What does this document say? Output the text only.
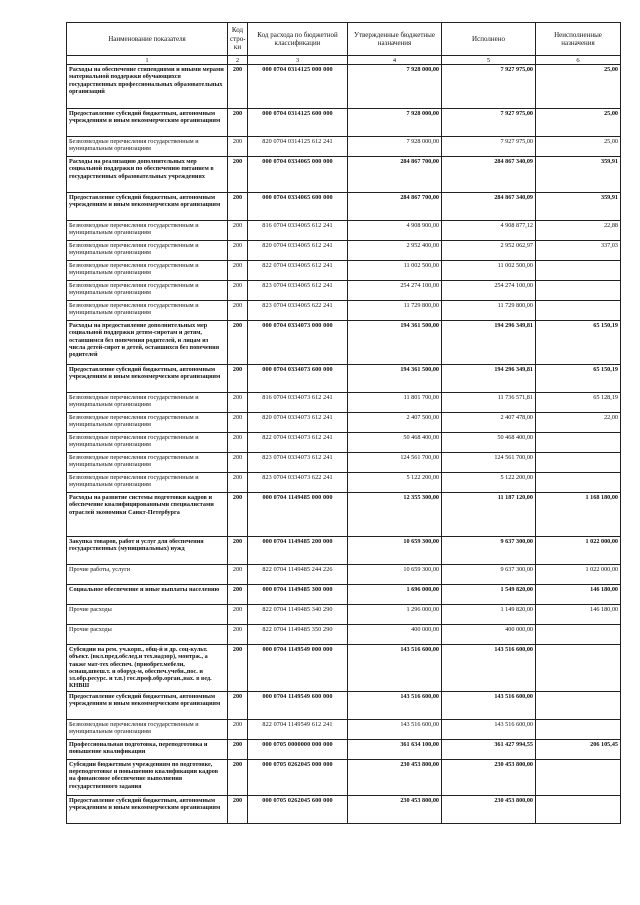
Наименование показателя	Код стро-ки	Код расхода по бюджетной классификации	Утвержденные бюджетные назначения	Исполнено	Неисполненные назначения
1	2	3	4	5	6
Расходы на обеспечение стипендиями и иными мерами материальной поддержки обучающихся государственных профессиональных образовательных организаций	200	000 0704 0314125 000 000	7 928 000,00	7 927 975,00	25,00
Предоставление субсидий бюджетным, автономным учреждениям и иным некоммерческим организациям	200	000 0704 0314125 600 000	7 928 000,00	7 927 975,00	25,00
Безвозмездные перечисления государственным и муниципальным организациям	200	820 0704 0314125 612 241	7 928 000,00	7 927 975,00	25,00
Расходы на реализацию дополнительных мер социальной поддержки по обеспечению питанием в государственных образовательных учреждениях	200	000 0704 0334065 000 000	284 867 700,00	284 867 340,09	359,91
Предоставление субсидий бюджетным, автономным учреждениям и иным некоммерческим организациям	200	000 0704 0334065 600 000	284 867 700,00	284 867 340,09	359,91
Безвозмездные перечисления государственным и муниципальным организациям	200	816 0704 0334065 612 241	4 908 900,00	4 908 877,12	22,88
Безвозмездные перечисления государственным и муниципальным организациям	200	820 0704 0334065 612 241	2 952 400,00	2 952 062,97	337,03
Безвозмездные перечисления государственным и муниципальным организациям	200	822 0704 0334065 612 241	11 002 500,00	11 002 500,00	
Безвозмездные перечисления государственным и муниципальным организациям	200	823 0704 0334065 612 241	254 274 100,00	254 274 100,00	
Безвозмездные перечисления государственным и муниципальным организациям	200	823 0704 0334065 622 241	11 729 800,00	11 729 800,00	
Расходы на предоставление дополнительных мер социальной поддержки детям-сиротам и детям, оставшимся без попечения родителей, и лицам из числа детей-сирот и детей, оставшихся без попечения родителей	200	000 0704 0334073 000 000	194 361 500,00	194 296 349,81	65 150,19
Предоставление субсидий бюджетным, автономным учреждениям и иным некоммерческим организациям	200	000 0704 0334073 600 000	194 361 500,00	194 296 349,81	65 150,19
Безвозмездные перечисления государственным и муниципальным организациям	200	816 0704 0334073 612 241	11 801 700,00	11 736 571,81	65 128,19
Безвозмездные перечисления государственным и муниципальным организациям	200	820 0704 0334073 612 241	2 407 500,00	2 407 478,00	22,00
Безвозмездные перечисления государственным и муниципальным организациям	200	822 0704 0334073 612 241	50 468 400,00	50 468 400,00	
Безвозмездные перечисления государственным и муниципальным организациям	200	823 0704 0334073 612 241	124 561 700,00	124 561 700,00	
Безвозмездные перечисления государственным и муниципальным организациям	200	823 0704 0334073 622 241	5 122 200,00	5 122 200,00	
Расходы на развитие системы подготовки кадров и обеспечение квалифицированными специалистами отраслей экономики Санкт-Петербурга	200	000 0704 1149485 000 000	12 355 300,00	11 187 120,00	1 168 180,00
Закупка товаров, работ и услуг для обеспечения государственных (муниципальных) нужд	200	000 0704 1149485 200 000	10 659 300,00	9 637 300,00	1 022 000,00
Прочие работы, услуги	200	822 0704 1149485 244 226	10 659 300,00	9 637 300,00	1 022 000,00
Социальное обеспечение и иные выплаты населению	200	000 0704 1149485 300 000	1 696 000,00	1 549 820,00	146 180,00
Прочие расходы	200	822 0704 1149485 340 290	1 296 000,00	1 149 820,00	146 180,00
Прочие расходы	200	822 0704 1149485 350 290	400 000,00	400 000,00	
Субсидии на рем. уч.корп., общ-й и др. соц-культ. объект. (вкл.пред.обслед.и тех.надзор), монтрж., а также мат-тех обеспеч. (приобрет.мебели, оснащ.швеш.т. и оборуд-м, обеспеч.учебн.,пос. и эл.обр.ресурс. и т.п.) гос.проф.обр.орган.,нах. в вед. КНВШ	200	000 0704 1149549 000 000	143 516 600,00	143 516 600,00	
Предоставление субсидий бюджетным, автономным учреждениям и иным некоммерческим организациям	200	000 0704 1149549 600 000	143 516 600,00	143 516 600,00	
Безвозмездные перечисления государственным и муниципальным организациям	200	822 0704 1149549 612 241	143 516 600,00	143 516 600,00	
Профессиональная подготовка, переподготовка и повышение квалификации	200	000 0705 0000000 000 000	361 634 100,00	361 427 994,55	206 105,45
Субсидии бюджетным учреждениям по подготовке, переподготовке и повышению квалификации кадров на финансовое обеспечение выполнения государственного задания	200	000 0705 0262045 000 000	230 453 800,00	230 453 800,00	
Предоставление субсидий бюджетным, автономным учреждениям и иным некоммерческим организациям	200	000 0705 0262045 600 000	230 453 800,00	230 453 800,00	
